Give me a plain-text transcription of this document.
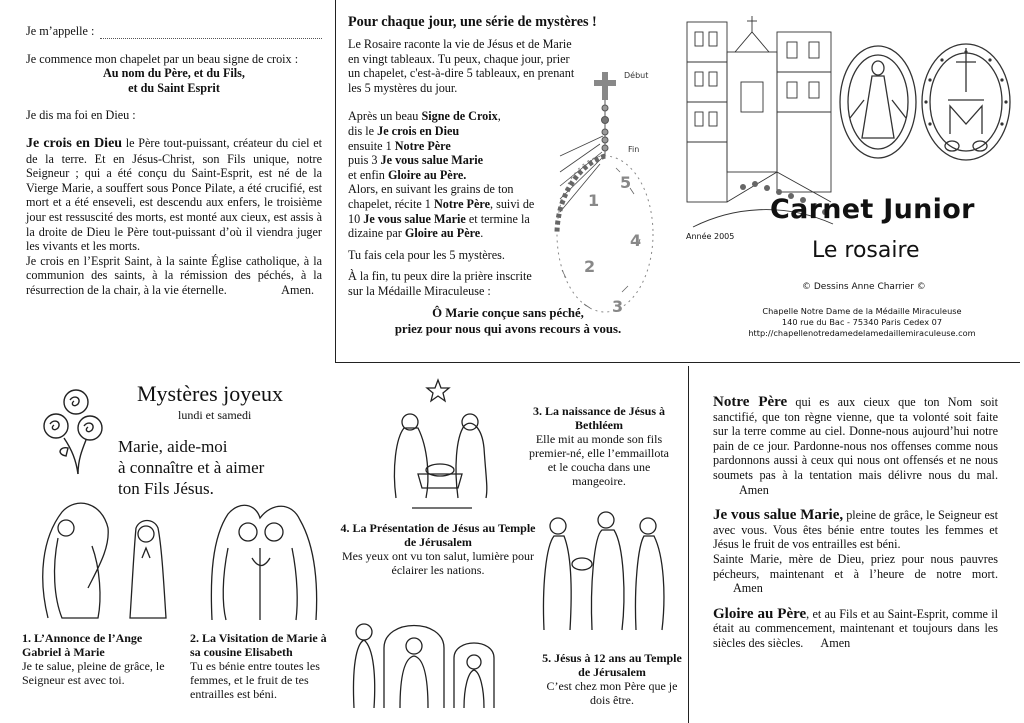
Je m’appelle :
Je commence mon chapelet par un beau signe de croix :
Au nom du Père, et du Fils,
et du Saint Esprit
Je dis ma foi en Dieu :
Je crois en Dieu le Père tout-puissant, créateur du ciel et de la terre. Et en Jésus-Christ, son Fils unique, notre Seigneur ; qui a été conçu du Saint-Esprit, est né de la Vierge Marie, a souffert sous Ponce Pilate, a été crucifié, est mort et a été enseveli, est descendu aux enfers, le troisième jour est ressuscité des morts, est monté aux cieux, est assis à la droite de Dieu le Père tout-puissant d’où il viendra juger les vivants et les morts.
Je crois en l’Esprit Saint, à la sainte Église catholique, à la communion des saints, à la rémission des péchés, à la résurrection de la chair, à la vie éternelle.	Amen.
Pour chaque jour, une série de mystères !
Le Rosaire raconte la vie de Jésus et de Marie en vingt tableaux. Tu peux, chaque jour, prier un chapelet, c'est-à-dire 5 tableaux, en prenant les 5 mystères du jour.
Après un beau Signe de Croix,
dis le Je crois en Dieu
ensuite 1 Notre Père
puis 3 Je vous salue Marie
et enfin Gloire au Père.
Alors, en suivant les grains de ton chapelet, récite 1 Notre Père, suivi de 10 Je vous salue Marie et termine la dizaine par Gloire au Père.
Tu fais cela pour les 5 mystères.
À la fin, tu peux dire la prière inscrite sur la Médaille Miraculeuse :
Ô Marie conçue sans péché,
priez pour nous qui avons recours à vous.
1
2
3
4
5
Début
Fin
Année 2005
Carnet Junior
Le rosaire
© Dessins Anne Charrier ©
Chapelle Notre Dame de la Médaille Miraculeuse
140 rue du Bac - 75340 Paris Cedex 07
http://chapellenotredamedelamedaillemiraculeuse.com
Mystères joyeux
lundi et samedi
Marie, aide-moi
à connaître et à aimer
ton Fils Jésus.
1. L’Annonce de l’Ange Gabriel à Marie
Je te salue, pleine de grâce, le Seigneur est avec toi.
2. La Visitation de Marie à sa cousine Elisabeth
Tu es bénie entre toutes les femmes, et le fruit de tes entrailles est béni.
3. La naissance de Jésus à Bethléem
Elle mit au monde son fils premier-né, elle l’emmaillota et le coucha dans une mangeoire.
4. La Présentation de Jésus au Temple de Jérusalem
Mes yeux ont vu ton salut, lumière pour éclairer les nations.
5. Jésus à 12 ans au Temple de Jérusalem
C’est chez mon Père que je dois être.
Notre Père qui es aux cieux que ton Nom soit sanctifié, que ton règne vienne, que ta volonté soit faite sur la terre comme au ciel. Donne-nous aujourd’hui notre pain de ce jour. Pardonne-nous nos offenses comme nous pardonnons aussi à ceux qui nous ont offensés et ne nous soumets pas à la tentation mais délivre nous du mal. Amen
Je vous salue Marie, pleine de grâce, le Seigneur est avec vous. Vous êtes bénie entre toutes les femmes et Jésus le fruit de vos entrailles est béni.
Sainte Marie, mère de Dieu, priez pour nous pauvres pécheurs, maintenant et à l’heure de notre mort. Amen
Gloire au Père, et au Fils et au Saint-Esprit, comme il était au commencement, maintenant et toujours dans les siècles des siècles. Amen
